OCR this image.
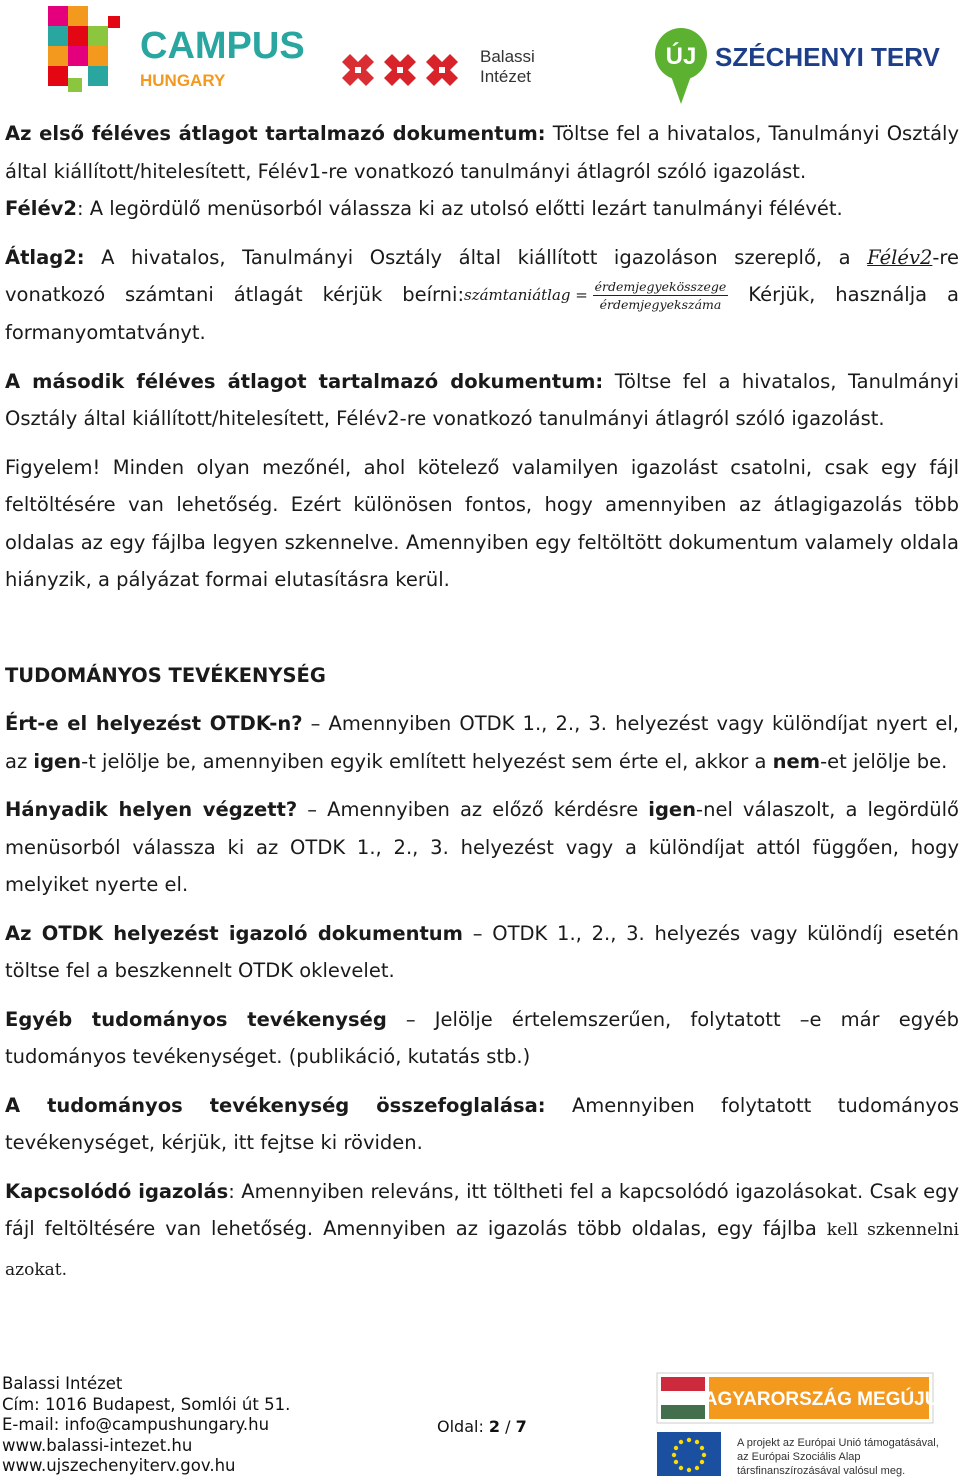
CAMPUS
HUNGARY
Balassi
Intézet
ÚJ SZÉCHENYI TERV

Az első féléves átlagot tartalmazó dokumentum: Töltse fel a hivatalos, Tanulmányi Osztály által kiállított/hitelesített, Félév1-re vonatkozó tanulmányi átlagról szóló igazolást.

Félév2: A legördülő menüsorból válassza ki az utolsó előtti lezárt tanulmányi félévét.

Átlag2: A hivatalos, Tanulmányi Osztály által kiállított igazoláson szereplő, a Félév2-re vonatkozó számtani átlagát kérjük beírni:számtaniátlag = $\frac{\text{érdemjegyekösszege}}{\text{érdemjegyekszáma}}$ Kérjük, használja a formanyomtatványt.

A második féléves átlagot tartalmazó dokumentum: Töltse fel a hivatalos, Tanulmányi Osztály által kiállított/hitelesített, Félév2-re vonatkozó tanulmányi átlagról szóló igazolást.

Figyelem! Minden olyan mezőnél, ahol kötelező valamilyen igazolást csatolni, csak egy fájl feltöltésére van lehetőség. Ezért különösen fontos, hogy amennyiben az átlagigazolás több oldalas az egy fájlba legyen szkennelve. Amennyiben egy feltöltött dokumentum valamely oldala hiányzik, a pályázat formai elutasításra kerül.

TUDOMÁNYOS TEVÉKENYSÉG

Ért-e el helyezést OTDK-n? – Amennyiben OTDK 1., 2., 3. helyezést vagy különdíjat nyert el, az igen-t jelölje be, amennyiben egyik említett helyezést sem érte el, akkor a nem-et jelölje be.

Hányadik helyen végzett? – Amennyiben az előző kérdésre igen-nel válaszolt, a legördülő menüsorból válassza ki az OTDK 1., 2., 3. helyezést vagy a különdíjat attól függően, hogy melyiket nyerte el.

Az OTDK helyezést igazoló dokumentum – OTDK 1., 2., 3. helyezés vagy különdíj esetén töltse fel a beszkennelt OTDK oklevelet.

Egyéb tudományos tevékenység – Jelölje értelemszerűen, folytatott –e már egyéb tudományos tevékenységet. (publikáció, kutatás stb.)

A tudományos tevékenység összefoglalása: Amennyiben folytatott tudományos tevékenységet, kérjük, itt fejtse ki röviden.

Kapcsolódó igazolás: Amennyiben releváns, itt töltheti fel a kapcsolódó igazolásokat. Csak egy fájl feltöltésére van lehetőség. Amennyiben az igazolás több oldalas, egy fájlba kell szkennelni azokat.

Balassi Intézet
Cím: 1016 Budapest, Somlói út 51.
E-mail: info@campushungary.hu
www.balassi-intezet.hu
www.ujszechenyiterv.gov.hu
Oldal: 2 / 7
MAGYARORSZÁG MEGÚJUL
A projekt az Európai Unió támogatásával,
az Európai Szociális Alap
társfinanszírozásával valósul meg.
